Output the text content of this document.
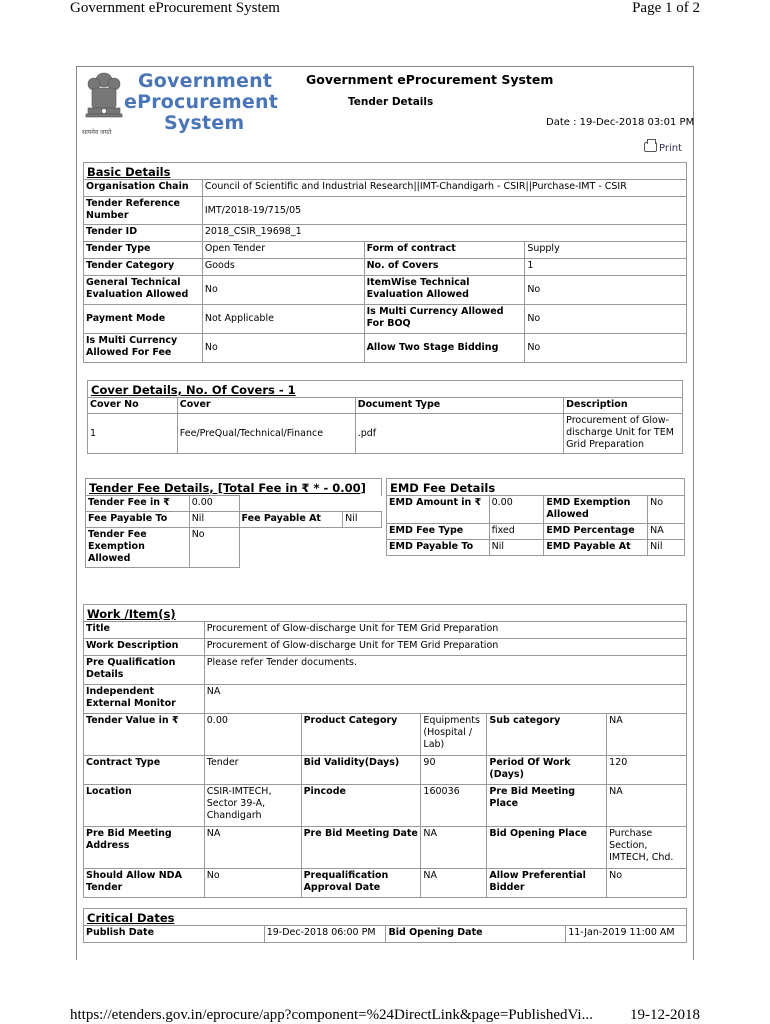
Government eProcurement System	Page 1 of 2
सत्यमेव जयते
Government
eProcurement
System
Government eProcurement System
Tender Details
Date : 19-Dec-2018 03:01 PM
Print
Basic Details			
Organisation Chain	Council of Scientific and Industrial Research||IMT-Chandigarh - CSIR||Purchase-IMT - CSIR		
Tender Reference Number	IMT/2018-19/715/05		
Tender ID	2018_CSIR_19698_1		
Tender Type	Open Tender	Form of contract	Supply
Tender Category	Goods	No. of Covers	1
General Technical Evaluation Allowed	No	ItemWise Technical Evaluation Allowed	No
Payment Mode	Not Applicable	Is Multi Currency Allowed For BOQ	No
Is Multi Currency Allowed For Fee	No	Allow Two Stage Bidding	No
Cover Details, No. Of Covers - 1			
Cover No	Cover	Document Type	Description
1	Fee/PreQual/Technical/Finance	.pdf	Procurement of Glow-discharge Unit for TEM Grid Preparation
Tender Fee Details, [Total Fee in ₹ * - 0.00]			
Tender Fee in ₹	0.00		
Fee Payable To	Nil	Fee Payable At	Nil
Tender Fee Exemption Allowed	No		
EMD Fee Details			
EMD Amount in ₹	0.00	EMD Exemption Allowed	No
EMD Fee Type	fixed	EMD Percentage	NA
EMD Payable To	Nil	EMD Payable At	Nil
Work /Item(s)					
Title	Procurement of Glow-discharge Unit for TEM Grid Preparation				
Work Description	Procurement of Glow-discharge Unit for TEM Grid Preparation				
Pre Qualification Details	Please refer Tender documents.				
Independent External Monitor	NA				
Tender Value in ₹	0.00	Product Category	Equipments (Hospital / Lab)	Sub category	NA
Contract Type	Tender	Bid Validity(Days)	90	Period Of Work (Days)	120
Location	CSIR-IMTECH, Sector 39-A, Chandigarh	Pincode	160036	Pre Bid Meeting Place	NA
Pre Bid Meeting Address	NA	Pre Bid Meeting Date	NA	Bid Opening Place	Purchase Section, IMTECH, Chd.
Should Allow NDA Tender	No	Prequalification Approval Date	NA	Allow Preferential Bidder	No
Critical Dates
Publish Date	19-Dec-2018 06:00 PM	Bid Opening Date	11-Jan-2019 11:00 AM
https://etenders.gov.in/eprocure/app?component=%24DirectLink&page=PublishedVi... 19-12-2018
